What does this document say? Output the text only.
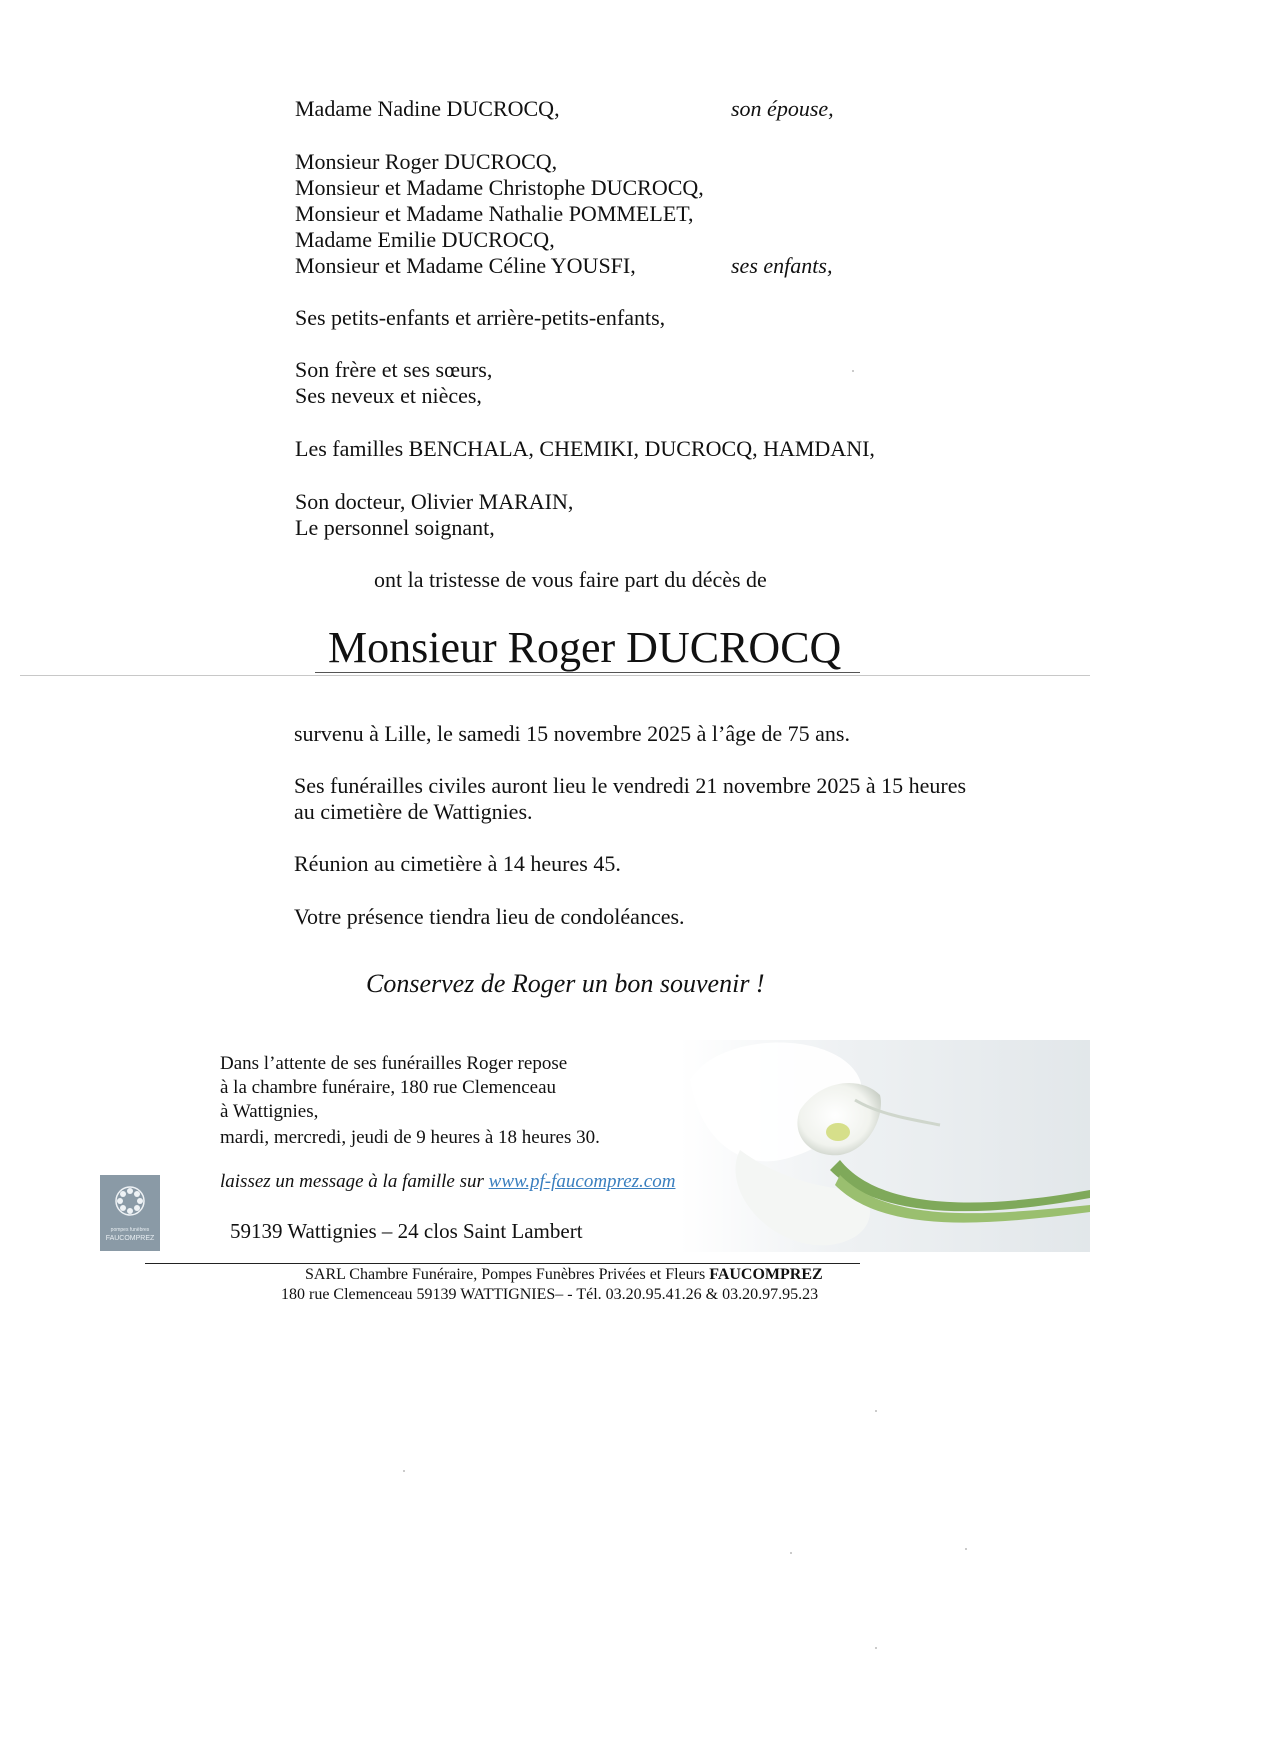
Madame Nadine DUCROCQ,	son épouse,
Monsieur Roger DUCROCQ,
Monsieur et Madame Christophe DUCROCQ,
Monsieur et Madame Nathalie POMMELET,
Madame Emilie DUCROCQ,
Monsieur et Madame Céline YOUSFI,	ses enfants,
Ses petits-enfants et arrière-petits-enfants,
Son frère et ses sœurs,
Ses neveux et nièces,
Les familles BENCHALA, CHEMIKI, DUCROCQ, HAMDANI,
Son docteur, Olivier MARAIN,
Le personnel soignant,
ont la tristesse de vous faire part du décès de
Monsieur Roger DUCROCQ
survenu à Lille, le samedi 15 novembre 2025 à l’âge de 75 ans.
Ses funérailles civiles auront lieu le vendredi 21 novembre 2025 à 15 heures
au cimetière de Wattignies.
Réunion au cimetière à 14 heures 45.
Votre présence tiendra lieu de condoléances.
Conservez de Roger un bon souvenir !
Dans l’attente de ses funérailles Roger repose
à la chambre funéraire, 180 rue Clemenceau
à Wattignies,
mardi, mercredi, jeudi de 9 heures à 18 heures 30.
laissez un message à la famille sur www.pf-faucomprez.com
pompes funèbres
FAUCOMPREZ	59139 Wattignies – 24 clos Saint Lambert
SARL Chambre Funéraire, Pompes Funèbres Privées et Fleurs FAUCOMPREZ
180 rue Clemenceau 59139 WATTIGNIES– - Tél. 03.20.95.41.26 & 03.20.97.95.23
